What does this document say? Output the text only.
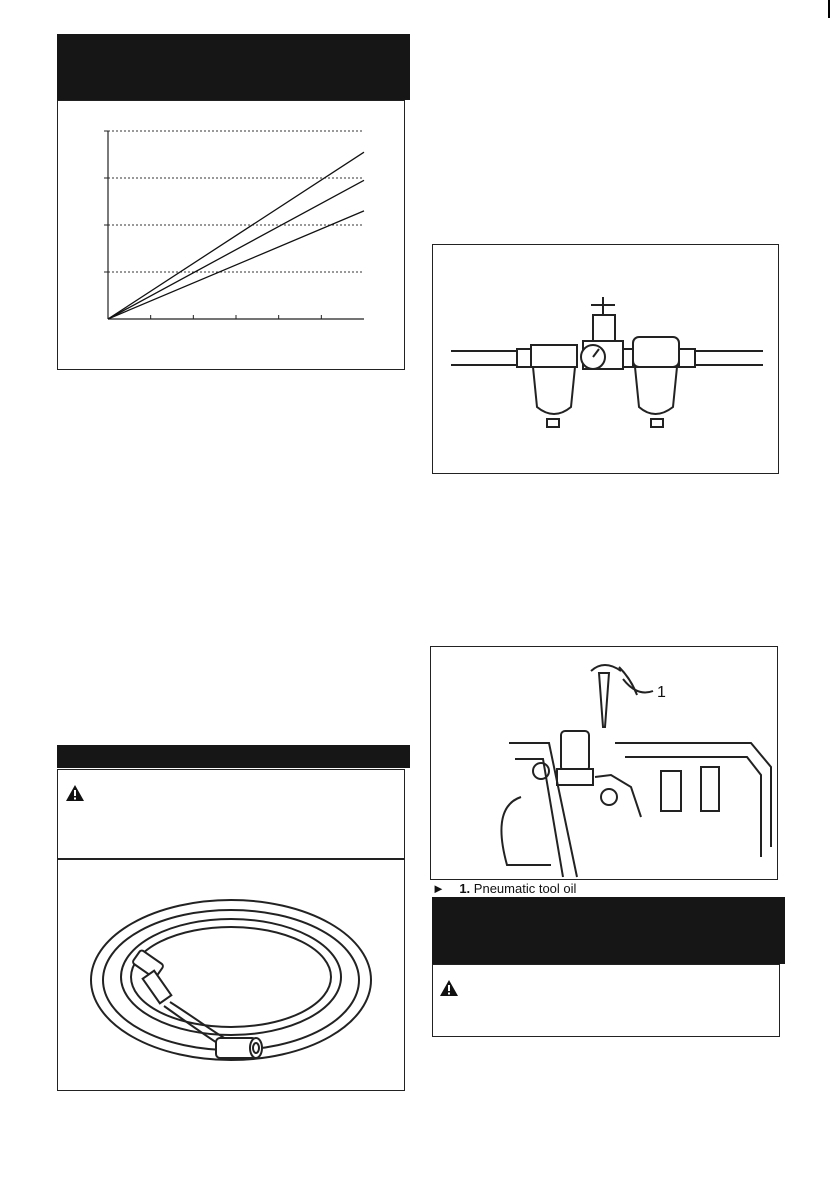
1
► 1. Pneumatic tool oil
